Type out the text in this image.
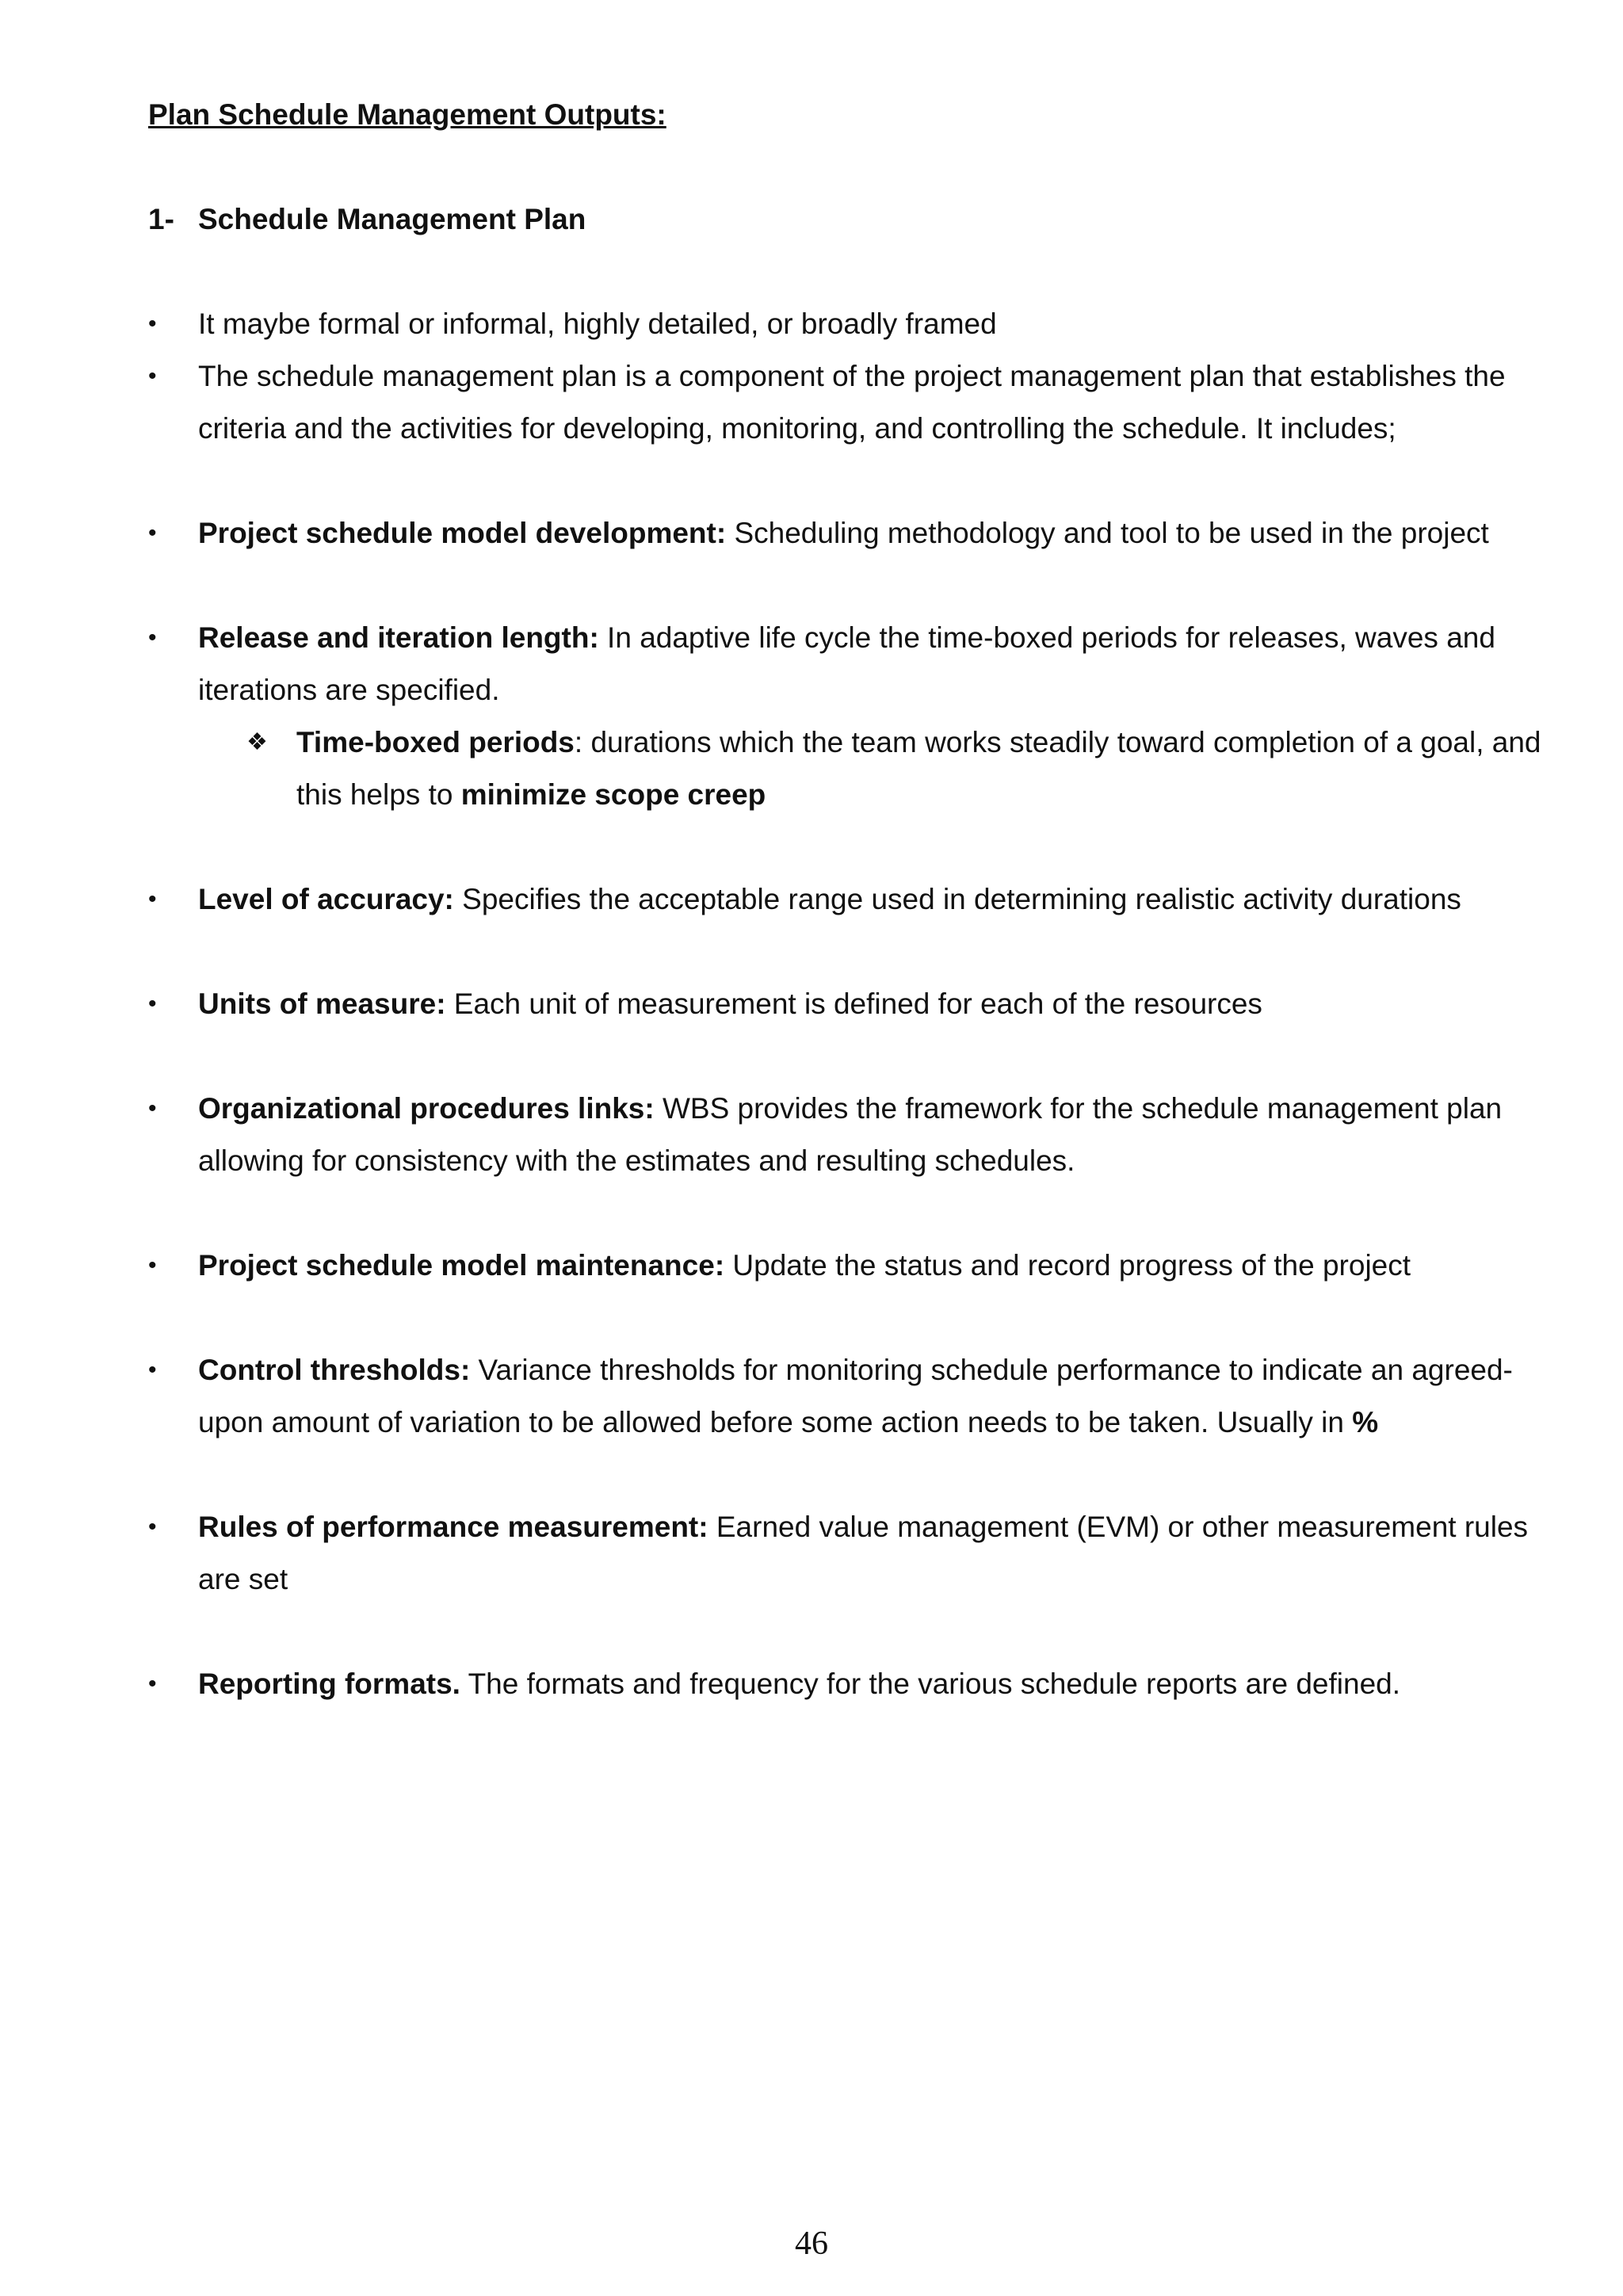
Plan Schedule Management Outputs:

1- Schedule Management Plan
•	It maybe formal or informal, highly detailed, or broadly framed
•	The schedule management plan is a component of the project management plan that establishes the criteria and the activities for developing, monitoring, and controlling the schedule. It includes;
•	Project schedule model development: Scheduling methodology and tool to be used in the project
•	Release and iteration length: In adaptive life cycle the time-boxed periods for releases, waves and iterations are specified.
❖ Time-boxed periods: durations which the team works steadily toward completion of a goal, and this helps to minimize scope creep
•	Level of accuracy: Specifies the acceptable range used in determining realistic activity durations
•	Units of measure: Each unit of measurement is defined for each of the resources
•	Organizational procedures links: WBS provides the framework for the schedule management plan allowing for consistency with the estimates and resulting schedules.
•	Project schedule model maintenance: Update the status and record progress of the project
•	Control thresholds: Variance thresholds for monitoring schedule performance to indicate an agreed-upon amount of variation to be allowed before some action needs to be taken. Usually in %
•	Rules of performance measurement: Earned value management (EVM) or other measurement rules are set
•	Reporting formats. The formats and frequency for the various schedule reports are defined.
46
